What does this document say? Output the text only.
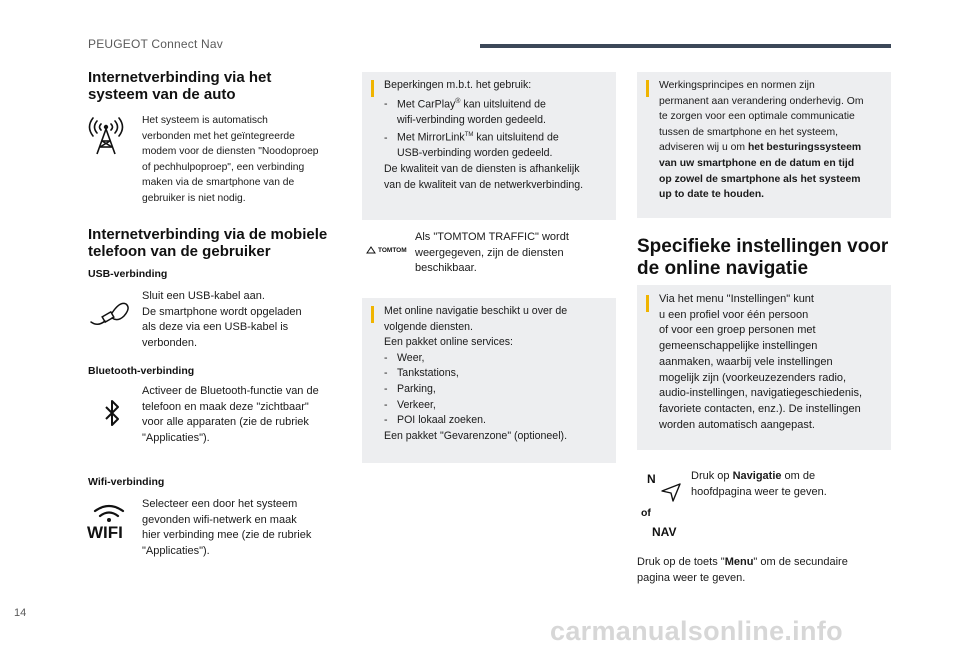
PEUGEOT Connect Nav
Internetverbinding via het
systeem van de auto
Het systeem is automatisch
verbonden met het geïntegreerde
modem voor de diensten "Noodoproep
of pechhulpoproep", een verbinding
maken via de smartphone van de
gebruiker is niet nodig.
Internetverbinding via de mobiele
telefoon van de gebruiker
USB-verbinding
Sluit een USB-kabel aan.
De smartphone wordt opgeladen
als deze via een USB-kabel is
verbonden.
Bluetooth-verbinding
Activeer de Bluetooth-functie van de
telefoon en maak deze "zichtbaar"
voor alle apparaten (zie de rubriek
"Applicaties").
Wifi-verbinding
WIFI
Selecteer een door het systeem
gevonden wifi-netwerk en maak
hier verbinding mee (zie de rubriek
"Applicaties").
Beperkingen m.b.t. het gebruik:
- Met CarPlay® kan uitsluitend de
wifi-verbinding worden gedeeld.
- Met MirrorLink™ kan uitsluitend de
USB-verbinding worden gedeeld.
De kwaliteit van de diensten is afhankelijk
van de kwaliteit van de netwerkverbinding.
TOMTOM
Als "TOMTOM TRAFFIC" wordt
weergegeven, zijn de diensten
beschikbaar.
Met online navigatie beschikt u over de
volgende diensten.
Een pakket online services:
- Weer,
- Tankstations,
- Parking,
- Verkeer,
- POI lokaal zoeken.
Een pakket "Gevarenzone" (optioneel).
Werkingsprincipes en normen zijn
permanent aan verandering onderhevig. Om
te zorgen voor een optimale communicatie
tussen de smartphone en het systeem,
adviseren wij u om het besturingssysteem
van uw smartphone en de datum en tijd
op zowel de smartphone als het systeem
up to date te houden.
Specifieke instellingen voor
de online navigatie
Via het menu "Instellingen" kunt
u een profiel voor één persoon
of voor een groep personen met
gemeenschappelijke instellingen
aanmaken, waarbij vele instellingen
mogelijk zijn (voorkeuzezenders radio,
audio-instellingen, navigatiegeschiedenis,
favoriete contacten, enz.). De instellingen
worden automatisch aangepast.
N
of
NAV
Druk op Navigatie om de
hoofdpagina weer te geven.
Druk op de toets "Menu" om de secundaire
pagina weer te geven.
14
carmanualsonline.info
